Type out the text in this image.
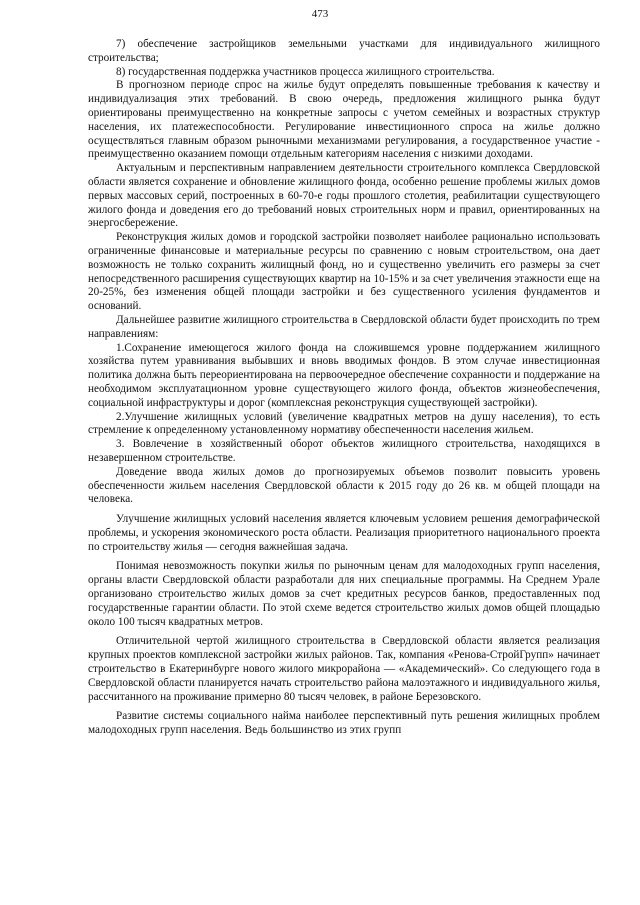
473

7) обеспечение застройщиков земельными участками для индивидуального жилищного строительства;

8) государственная поддержка участников процесса жилищного строительства.

В прогнозном периоде спрос на жилье будут определять повышенные требования к качеству и индивидуализация этих требований. В свою очередь, предложения жилищного рынка будут ориентированы преимущественно на конкретные запросы с учетом семейных и возрастных структур населения, их платежеспособности. Регулирование инвестиционного спроса на жилье должно осуществляться главным образом рыночными механизмами регулирования, а государственное участие - преимущественно оказанием помощи отдельным категориям населения с низкими доходами.

Актуальным и перспективным направлением деятельности строительного комплекса Свердловской области является сохранение и обновление жилищного фонда, особенно решение проблемы жилых домов первых массовых серий, построенных в 60-70-е годы прошлого столетия, реабилитации существующего жилого фонда и доведения его до требований новых строительных норм и правил, ориентированных на энергосбережение.

Реконструкция жилых домов и городской застройки позволяет наиболее рационально использовать ограниченные финансовые и материальные ресурсы по сравнению с новым строительством, она дает возможность не только сохранить жилищный фонд, но и существенно увеличить его размеры за счет непосредственного расширения существующих квартир на 10-15% и за счет увеличения этажности еще на 20-25%, без изменения общей площади застройки и без существенного усиления фундаментов и оснований.

Дальнейшее развитие жилищного строительства в Свердловской области будет происходить по трем направлениям:

1.Сохранение имеющегося жилого фонда на сложившемся уровне поддержанием жилищного хозяйства путем уравнивания выбывших и вновь вводимых фондов. В этом случае инвестиционная политика должна быть переориентирована на первоочередное обеспечение сохранности и поддержание на необходимом эксплуатационном уровне существующего жилого фонда, объектов жизнеобеспечения, социальной инфраструктуры и дорог (комплексная реконструкция существующей застройки).

2.Улучшение жилищных условий (увеличение квадратных метров на душу населения), то есть стремление к определенному установленному нормативу обеспеченности населения жильем.

3. Вовлечение в хозяйственный оборот объектов жилищного строительства, находящихся в незавершенном строительстве.

Доведение ввода жилых домов до прогнозируемых объемов позволит повысить уровень обеспеченности жильем населения Свердловской области к 2015 году до 26 кв. м общей площади на человека.

Улучшение жилищных условий населения является ключевым условием решения демографической проблемы, и ускорения экономического роста области. Реализация приоритетного национального проекта по строительству жилья — сегодня важнейшая задача.

Понимая невозможность покупки жилья по рыночным ценам для малодоходных групп населения, органы власти Свердловской области разработали для них специальные программы. На Среднем Урале организовано строительство жилых домов за счет кредитных ресурсов банков, предоставленных под государственные гарантии области. По этой схеме ведется строительство жилых домов общей площадью около 100 тысяч квадратных метров.

Отличительной чертой жилищного строительства в Свердловской области является реализация крупных проектов комплексной застройки жилых районов. Так, компания «Ренова-СтройГрупп» начинает строительство в Екатеринбурге нового жилого микрорайона — «Академический». Со следующего года в Свердловской области планируется начать строительство района малоэтажного и индивидуального жилья, рассчитанного на проживание примерно 80 тысяч человек, в районе Березовского.

Развитие системы социального найма наиболее перспективный путь решения жилищных проблем малодоходных групп населения. Ведь большинство из этих групп
